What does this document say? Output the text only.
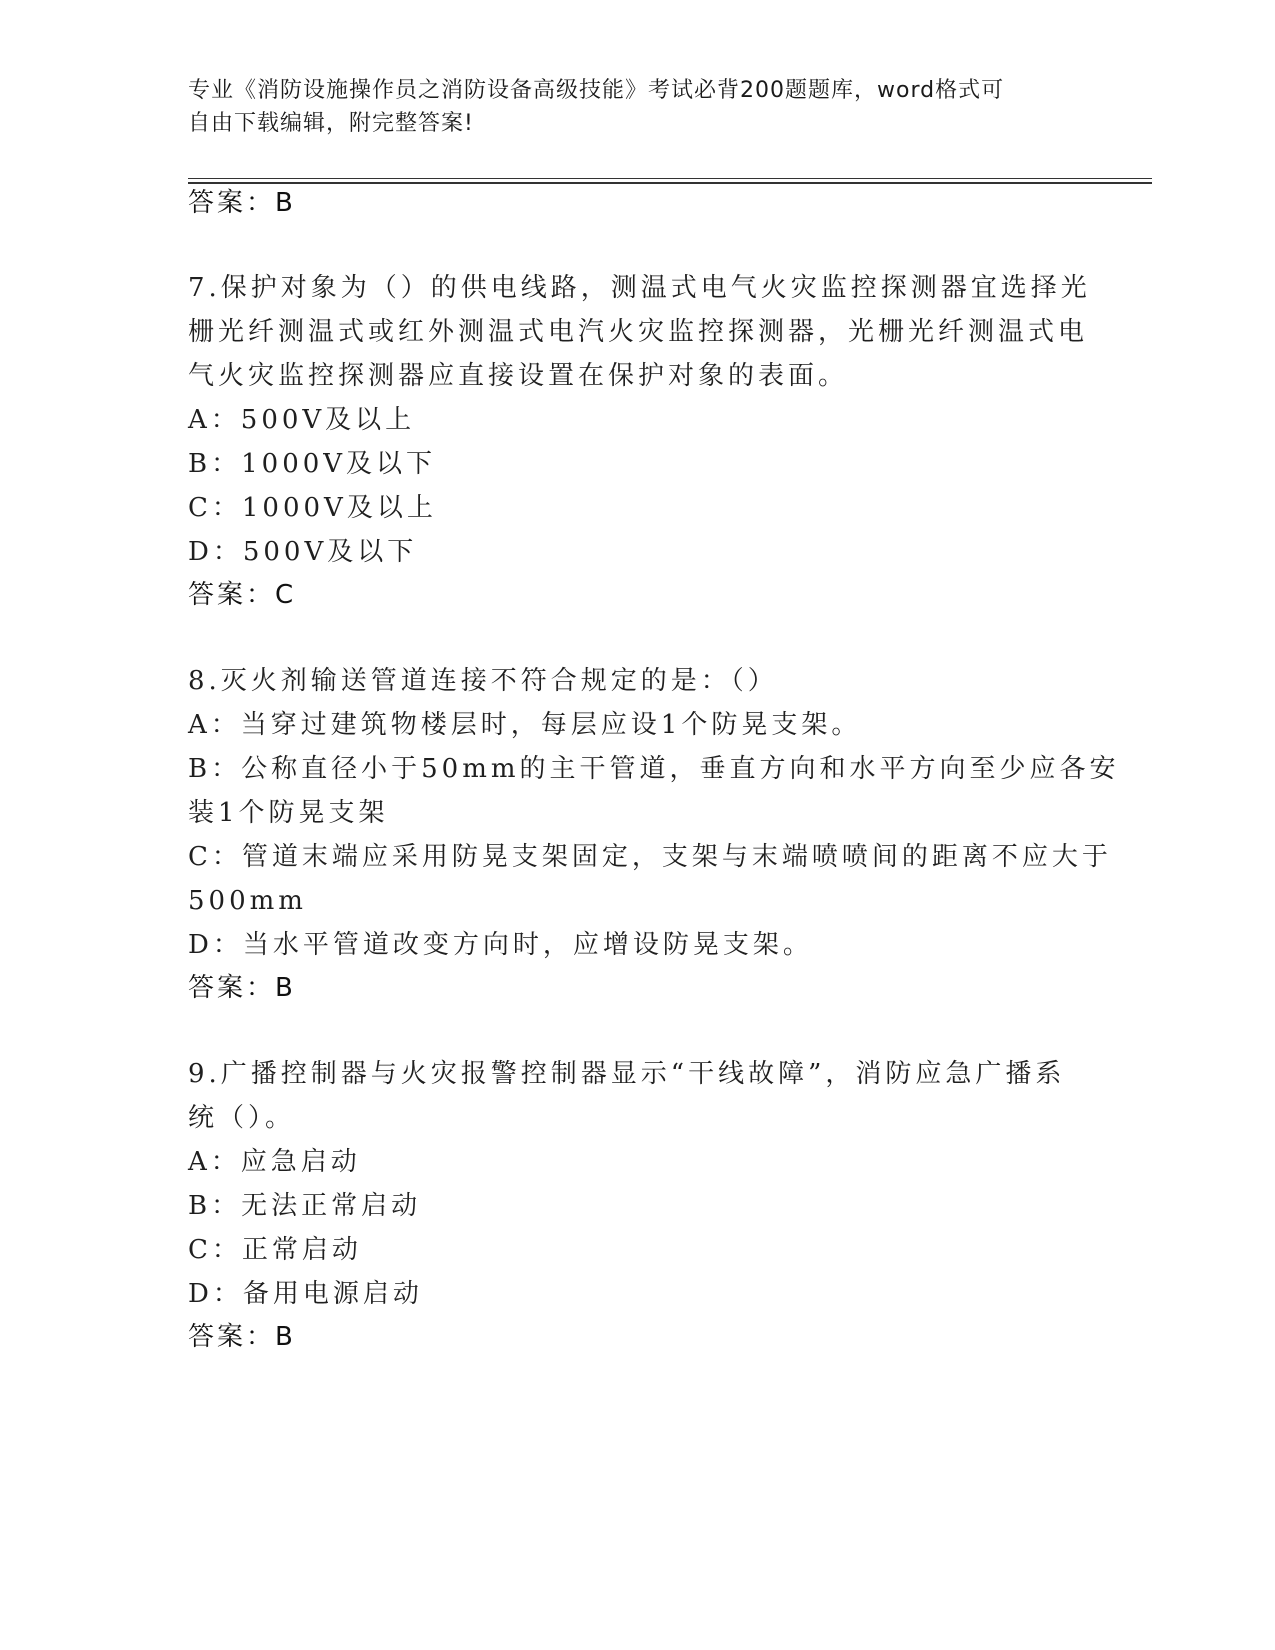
专业《消防设施操作员之消防设备高级技能》考试必背200题题库，word格式可
自由下载编辑，附完整答案!
答案：B
7.保护对象为（）的供电线路，测温式电气火灾监控探测器宜选择光
栅光纤测温式或红外测温式电汽火灾监控探测器，光栅光纤测温式电
气火灾监控探测器应直接设置在保护对象的表面。
A：500V及以上
B：1000V及以下
C：1000V及以上
D：500V及以下
答案：C
8.灭火剂输送管道连接不符合规定的是：（）
A：当穿过建筑物楼层时，每层应设1个防晃支架。
B：公称直径小于50mm的主干管道，垂直方向和水平方向至少应各安
装1个防晃支架
C：管道末端应采用防晃支架固定，支架与末端喷喷间的距离不应大于
500mm
D：当水平管道改变方向时，应增设防晃支架。
答案：B
9.广播控制器与火灾报警控制器显示“干线故障”，消防应急广播系
统（）。
A：应急启动
B：无法正常启动
C：正常启动
D：备用电源启动
答案：B
